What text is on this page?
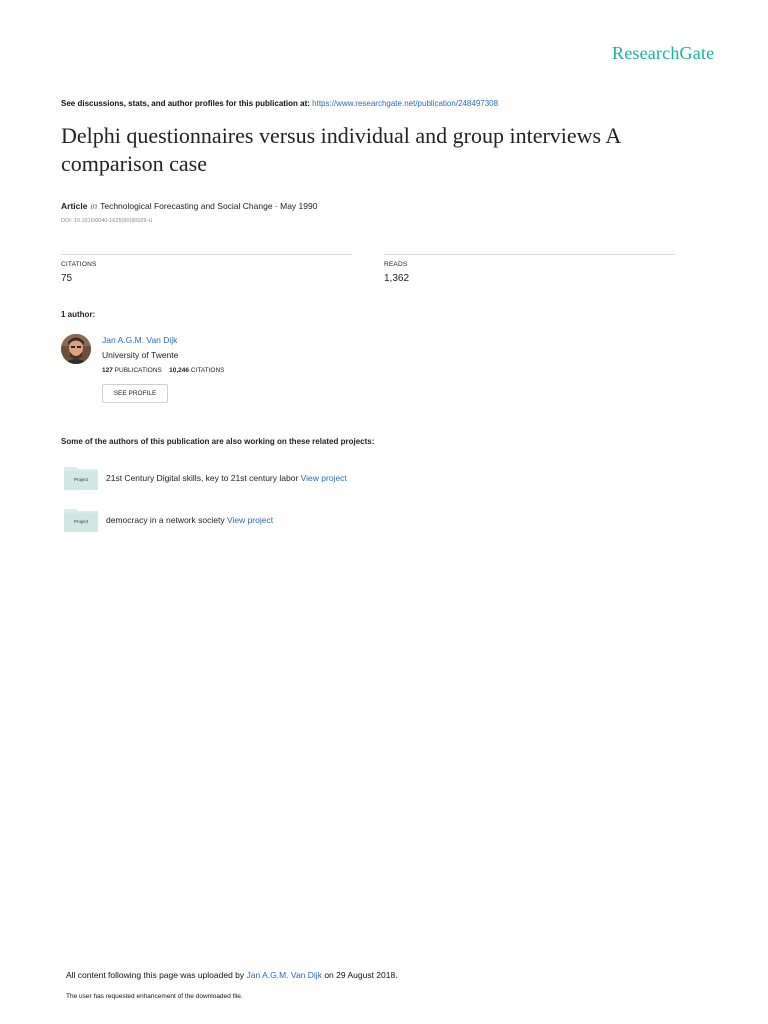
ResearchGate
See discussions, stats, and author profiles for this publication at: https://www.researchgate.net/publication/248497308
Delphi questionnaires versus individual and group interviews A comparison case
Article in Technological Forecasting and Social Change · May 1990
DOI: 10.1016/0040-1625(90)90029-U
CITATIONS
75
READS
1,362
1 author:
Jan A.G.M. Van Dijk
University of Twente
127 PUBLICATIONS 10,246 CITATIONS
SEE PROFILE
Some of the authors of this publication are also working on these related projects:
Project	21st Century Digital skills, key to 21st century labor View project
Project	democracy in a network society View project
All content following this page was uploaded by Jan A.G.M. Van Dijk on 29 August 2018.
The user has requested enhancement of the downloaded file.
